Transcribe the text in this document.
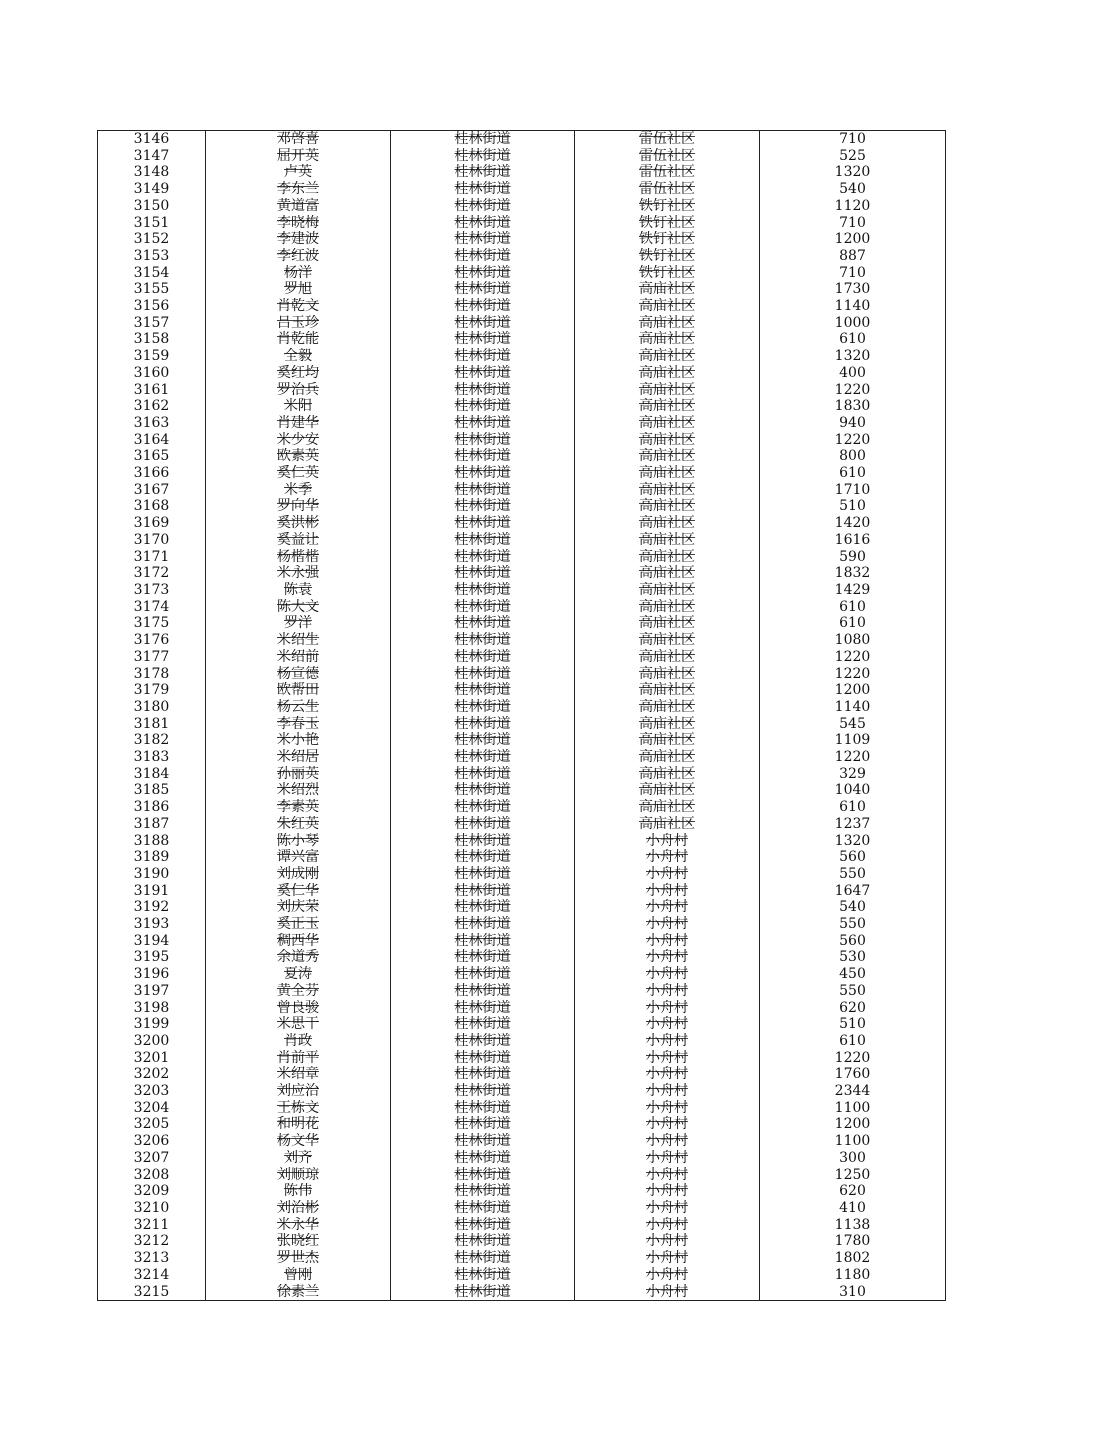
3146	邓啓喜	桂林街道	雷伍社区	710
3147	屈开英	桂林街道	雷伍社区	525
3148	卢英	桂林街道	雷伍社区	1320
3149	李东兰	桂林街道	雷伍社区	540
3150	黄道富	桂林街道	铁钉社区	1120
3151	李晓梅	桂林街道	铁钉社区	710
3152	李建波	桂林街道	铁钉社区	1200
3153	李红波	桂林街道	铁钉社区	887
3154	杨洋	桂林街道	铁钉社区	710
3155	罗旭	桂林街道	高庙社区	1730
3156	肖乾文	桂林街道	高庙社区	1140
3157	吕玉珍	桂林街道	高庙社区	1000
3158	肖乾能	桂林街道	高庙社区	610
3159	全毅	桂林街道	高庙社区	1320
3160	奚红均	桂林街道	高庙社区	400
3161	罗治兵	桂林街道	高庙社区	1220
3162	米阳	桂林街道	高庙社区	1830
3163	肖建华	桂林街道	高庙社区	940
3164	米少安	桂林街道	高庙社区	1220
3165	欧素英	桂林街道	高庙社区	800
3166	奚仁英	桂林街道	高庙社区	610
3167	米季	桂林街道	高庙社区	1710
3168	罗向华	桂林街道	高庙社区	510
3169	奚洪彬	桂林街道	高庙社区	1420
3170	奚益让	桂林街道	高庙社区	1616
3171	杨楷楷	桂林街道	高庙社区	590
3172	米永强	桂林街道	高庙社区	1832
3173	陈袁	桂林街道	高庙社区	1429
3174	陈大文	桂林街道	高庙社区	610
3175	罗洋	桂林街道	高庙社区	610
3176	米绍生	桂林街道	高庙社区	1080
3177	米绍前	桂林街道	高庙社区	1220
3178	杨宣德	桂林街道	高庙社区	1220
3179	欧帮田	桂林街道	高庙社区	1200
3180	杨云生	桂林街道	高庙社区	1140
3181	李春玉	桂林街道	高庙社区	545
3182	米小艳	桂林街道	高庙社区	1109
3183	米绍居	桂林街道	高庙社区	1220
3184	孙丽英	桂林街道	高庙社区	329
3185	米绍烈	桂林街道	高庙社区	1040
3186	李素英	桂林街道	高庙社区	610
3187	朱红英	桂林街道	高庙社区	1237
3188	陈小琴	桂林街道	小舟村	1320
3189	谭兴富	桂林街道	小舟村	560
3190	刘成刚	桂林街道	小舟村	550
3191	奚仁华	桂林街道	小舟村	1647
3192	刘庆荣	桂林街道	小舟村	540
3193	奚正玉	桂林街道	小舟村	550
3194	稠西华	桂林街道	小舟村	560
3195	余道秀	桂林街道	小舟村	530
3196	夏涛	桂林街道	小舟村	450
3197	黄全芬	桂林街道	小舟村	550
3198	曾良骏	桂林街道	小舟村	620
3199	米思干	桂林街道	小舟村	510
3200	肖政	桂林街道	小舟村	610
3201	肖前平	桂林街道	小舟村	1220
3202	米绍章	桂林街道	小舟村	1760
3203	刘应治	桂林街道	小舟村	2344
3204	王栋文	桂林街道	小舟村	1100
3205	和明花	桂林街道	小舟村	1200
3206	杨文华	桂林街道	小舟村	1100
3207	刘齐	桂林街道	小舟村	300
3208	刘顺琼	桂林街道	小舟村	1250
3209	陈伟	桂林街道	小舟村	620
3210	刘治彬	桂林街道	小舟村	410
3211	米永华	桂林街道	小舟村	1138
3212	张晓红	桂林街道	小舟村	1780
3213	罗世杰	桂林街道	小舟村	1802
3214	曾刚	桂林街道	小舟村	1180
3215	徐素兰	桂林街道	小舟村	310
